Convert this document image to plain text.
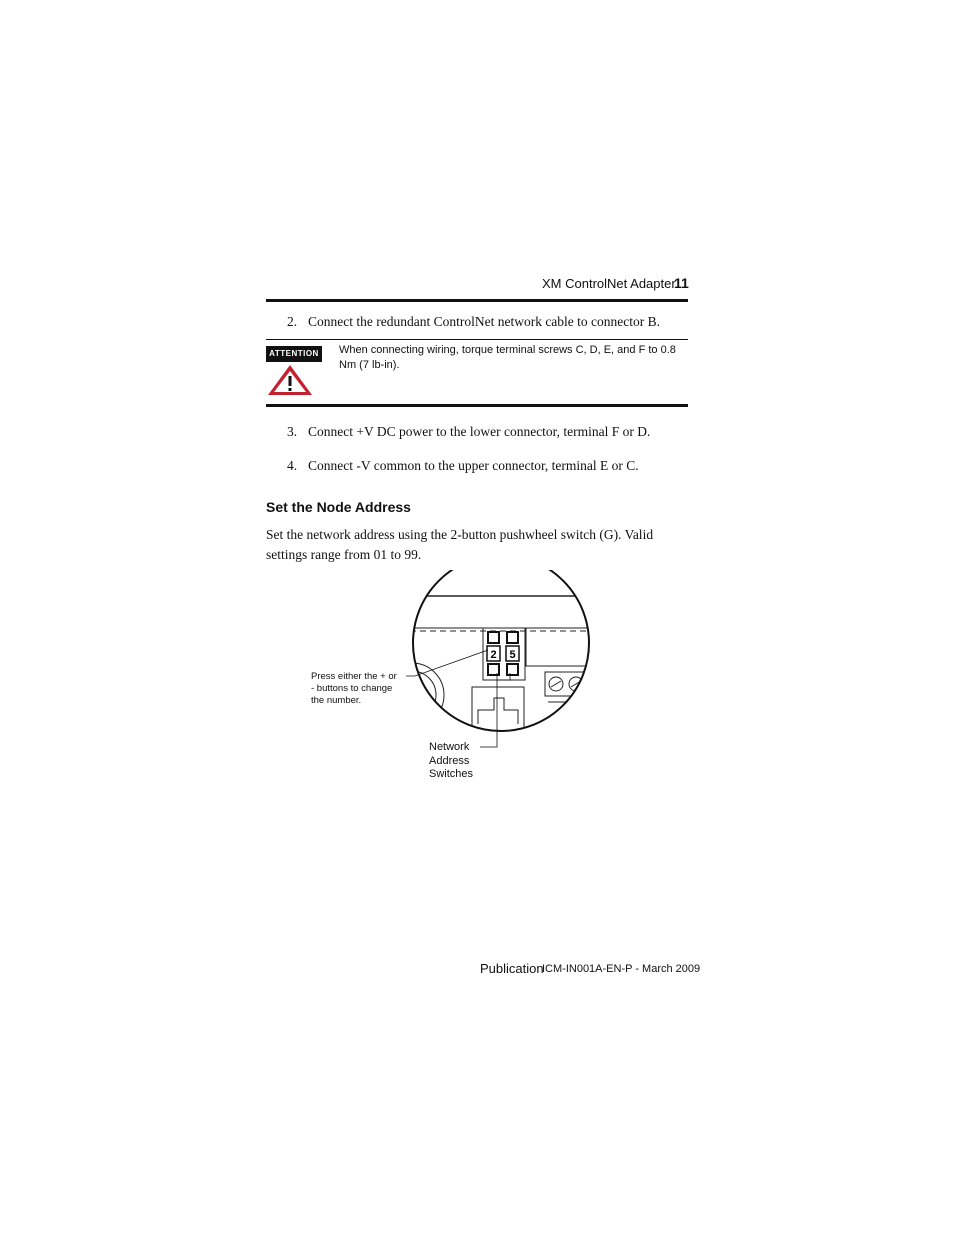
XM ControlNet Adapter
11
2. Connect the redundant ControlNet network cable to connector B.
ATTENTION When connecting wiring, torque terminal screws C, D, E, and F to 0.8 Nm (7 lb-in).
3. Connect +V DC power to the lower connector, terminal F or D.
4. Connect -V common to the upper connector, terminal E or C.
Set the Node Address
Set the network address using the 2-button pushwheel switch (G). Valid settings range from 01 to 99.
2 5
Press either the + or
- buttons to change
the number.
Network
Address
Switches
Publication
ICM-IN001A-EN-P - March 2009
